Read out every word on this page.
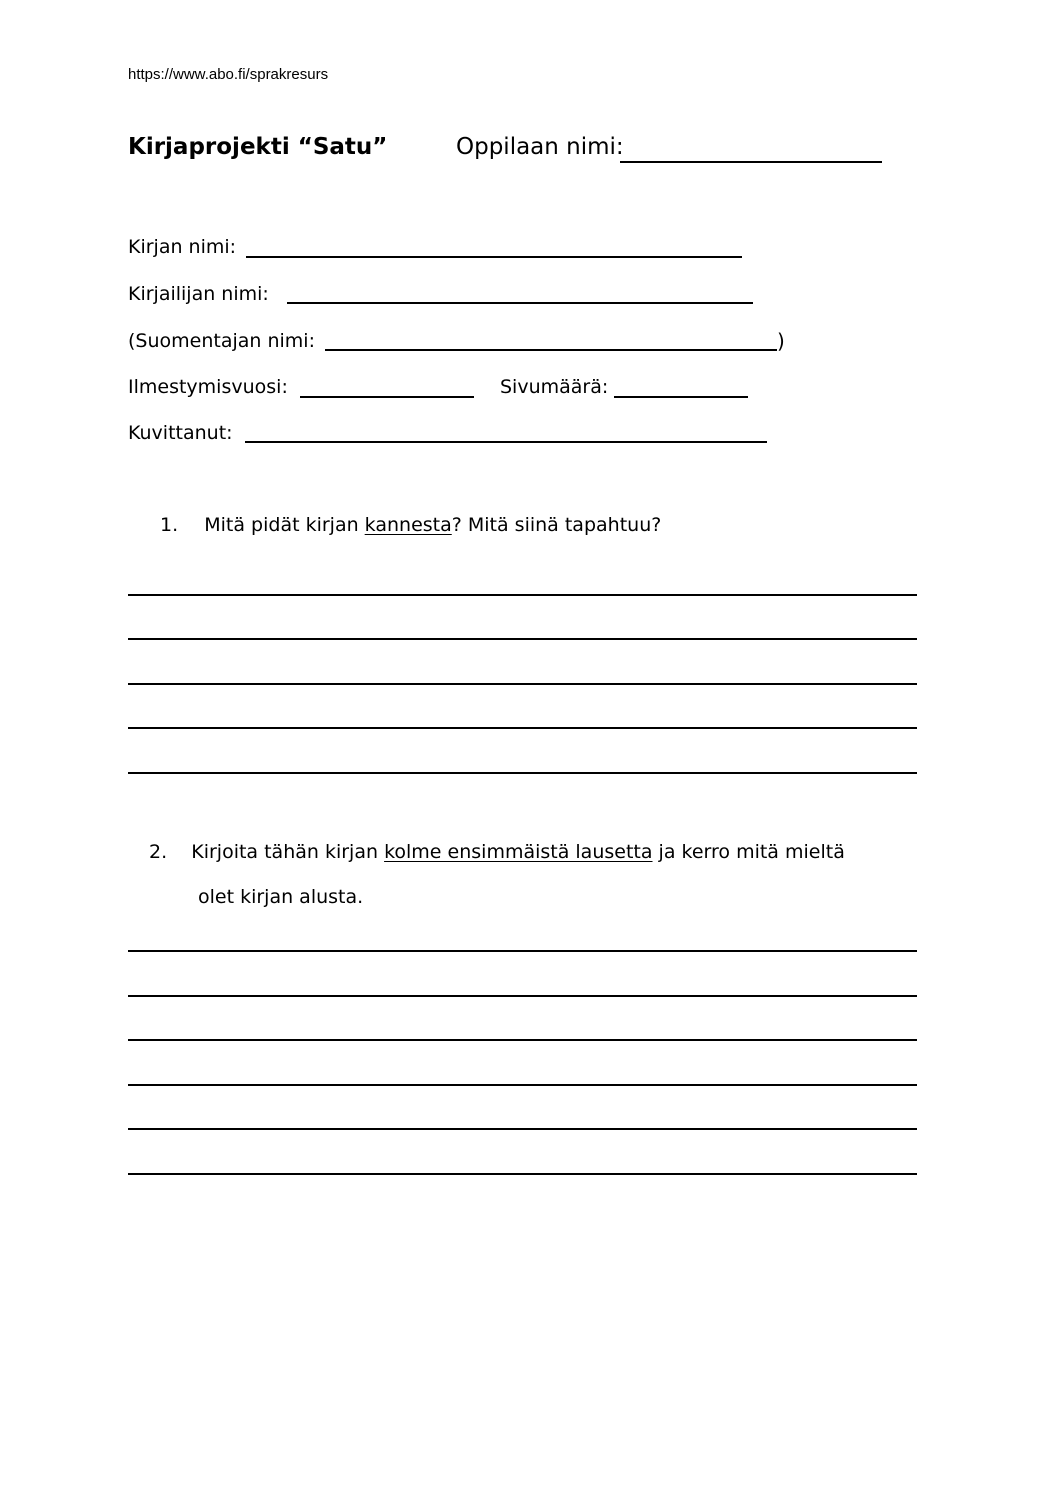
https://www.abo.fi/sprakresurs
Kirjaprojekti “Satu”	Oppilaan nimi:
Kirjan nimi:
Kirjailijan nimi:
(Suomentajan nimi:	)
Ilmestymisvuosi:	Sivumäärä:
Kuvittanut:
1. Mitä pidät kirjan kannesta? Mitä siinä tapahtuu?
2. Kirjoita tähän kirjan kolme ensimmäistä lausetta ja kerro mitä mieltä
olet kirjan alusta.
